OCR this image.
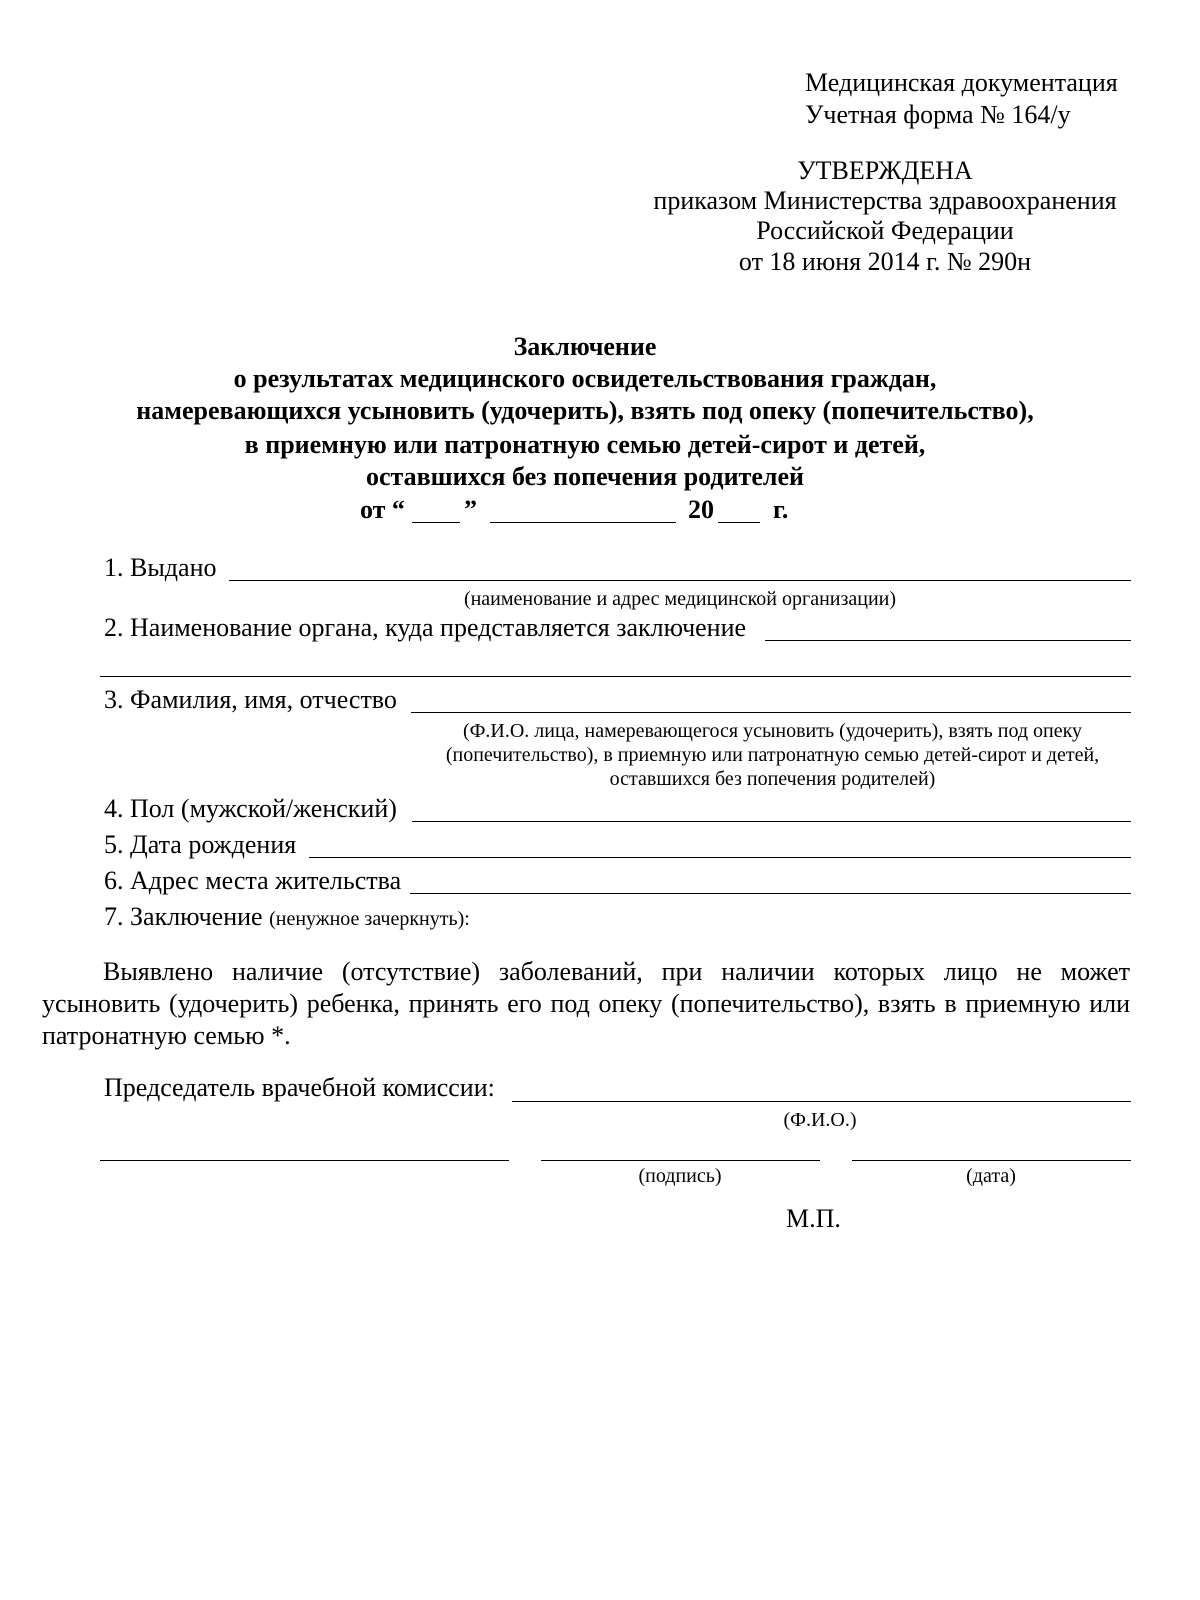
Медицинская документация
Учетная форма № 164/у
УТВЕРЖДЕНА
приказом Министерства здравоохранения
Российской Федерации
от 18 июня 2014 г. № 290н
Заключение
о результатах медицинского освидетельствования граждан,
намеревающихся усыновить (удочерить), взять под опеку (попечительство),
в приемную или патронатную семью детей-сирот и детей,
оставшихся без попечения родителей
от “ ”	20 г.
1. Выдано
(наименование и адрес медицинской организации)
2. Наименование органа, куда представляется заключение
3. Фамилия, имя, отчество
(Ф.И.О. лица, намеревающегося усыновить (удочерить), взять под опеку
(попечительство), в приемную или патронатную семью детей-сирот и детей,
оставшихся без попечения родителей)
4. Пол (мужской/женский)
5. Дата рождения
6. Адрес места жительства
7. Заключение (ненужное зачеркнуть):
Выявлено наличие (отсутствие) заболеваний, при наличии которых лицо не может усыновить (удочерить) ребенка, принять его под опеку (попечительство), взять в приемную или патронатную семью *.
Председатель врачебной комиссии:
(Ф.И.О.)
(подпись)	(дата)
М.П.
